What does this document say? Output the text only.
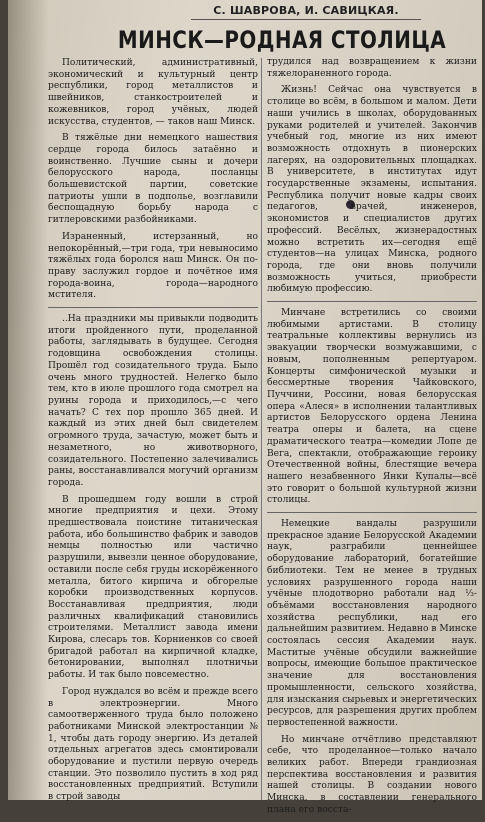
С. ШАВРОВА, И. САВИЦКАЯ.
МИНСК—РОДНАЯ СТОЛИЦА

Политический, административный, экономический и культурный центр республики, город металлистов и швейников, станкостроителей и кожевников, город учёных, людей искусства, студентов, — таков наш Минск.

В тяжёлые дни немецкого нашествия сердце города билось затаённо и воинственно. Лучшие сыны и дочери белорусского народа, посланцы большевистской партии, советские патриоты ушли в подполье, возглавили беспощадную борьбу народа с гитлеровскими разбойниками.

Израненный, истерзанный, но непокорённый,—три года, три невыносимо тяжёлых года боролся наш Минск. Он по-праву заслужил гордое и почётное имя города-воина, города—народного мстителя.

..На праздники мы привыкли подводить итоги пройденного пути, проделанной работы, заглядывать в будущее. Сегодня годовщина освобождения столицы. Прошёл год созидательного труда. Было очень много трудностей. Нелегко было тем, кто в июле прошлого года смотрел на руины города и приходилось,—с чего начать? С тех пор прошло 365 дней. И каждый из этих дней был свидетелем огромного труда, зачастую, может быть и незаметного, но животворного, созидательного. Постепенно залечивались раны, восстанавливался могучий организм города.

В прошедшем году вошли в строй многие предприятия и цехи. Этому предшествовала поистине титаническая работа, ибо большинство фабрик и заводов немцы полностью или частично разрушили, вывезли ценное оборудование, оставили после себя груды искорёженного металла, битого кирпича и обгорелые коробки производственных корпусов. Восстанавливая предприятия, люди различных квалификаций становились строителями. Металлист завода имени Кирова, слесарь тов. Корниенков со своей бригадой работал на кирпичной кладке, бетонировании, выполнял плотничьи работы. И так было повсеместно.

Город нуждался во всём и прежде всего в электроэнергии. Много самоотверженного труда было положено работниками Минской электростанции № 1, чтобы дать городу энергию. Из деталей отдельных агрегатов здесь смонтировали оборудование и пустили первую очередь станции. Это позволило пустить в ход ряд восстановленных предприятий. Вступили в строй заводы

трудился над возвращением к жизни тяжелораненного города.

Жизнь! Сейчас она чувствуется в столице во всём, в большом и малом. Дети наши учились в школах, оборудованных руками родителей и учителей. Закончив учебный год, многие из них имеют возможность отдохнуть в пионерских лагерях, на оздоровительных площадках. В университете, в институтах идут государственные экзамены, испытания. Республика получит новые кадры своих педагогов, врачей, инженеров, экономистов и специалистов других профессий. Весёлых, жизнерадостных можно встретить их—сегодня ещё студентов—на улицах Минска, родного города, где они вновь получили возможность учиться, приобрести любимую профессию.

Минчане встретились со своими любимыми артистами. В столицу театральные коллективы вернулись из эвакуации творчески возмужавшими, с новым, пополненным репертуаром. Концерты симфонической музыки и бессмертные творения Чайковского, Пуччини, Россини, новая белорусская опера «Алеся» в исполнении талантливых артистов Белорусского ордена Ленина театра оперы и балета, на сцене драматического театра—комедии Лопе де Вега, спектакли, отображающие героику Отечественной войны, блестящие вечера нашего незабвенного Янки Купалы—всё это говорит о большой культурной жизни столицы.

Немецкие вандалы разрушили прекрасное здание Белорусской Академии наук, разграбили ценнейшее оборудование лабораторий, богатейшие библиотеки. Тем не менее в трудных условиях разрушенного города наши учёные плодотворно работали над ⅓-объёмами восстановления народного хозяйства республики, над его дальнейшим развитием. Недавно в Минске состоялась сессия Академии наук. Маститые учёные обсудили важнейшие вопросы, имеющие большое практическое значение для восстановления промышленности, сельского хозяйства, для изыскания сырьевых и энергетических ресурсов, для разрешения других проблем первостепенной важности.

Но минчане отчётливо представляют себе, что проделанное—только начало великих работ. Впереди грандиозная перспектива восстановления и развития нашей столицы. В создании нового Минска, в составлении генерального плана его восста-
